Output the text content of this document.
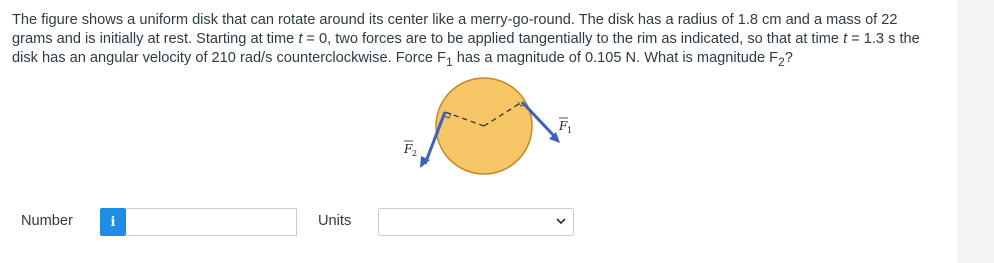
The figure shows a uniform disk that can rotate around its center like a merry-go-round. The disk has a radius of 1.8 cm and a mass of 22 grams and is initially at rest. Starting at time t = 0, two forces are to be applied tangentially to the rim as indicated, so that at time t = 1.3 s the disk has an angular velocity of 210 rad/s counterclockwise. Force $F_1$ has a magnitude of 0.105 N. What is magnitude $F_2$?
F 1
F 2
Number	i	Units
